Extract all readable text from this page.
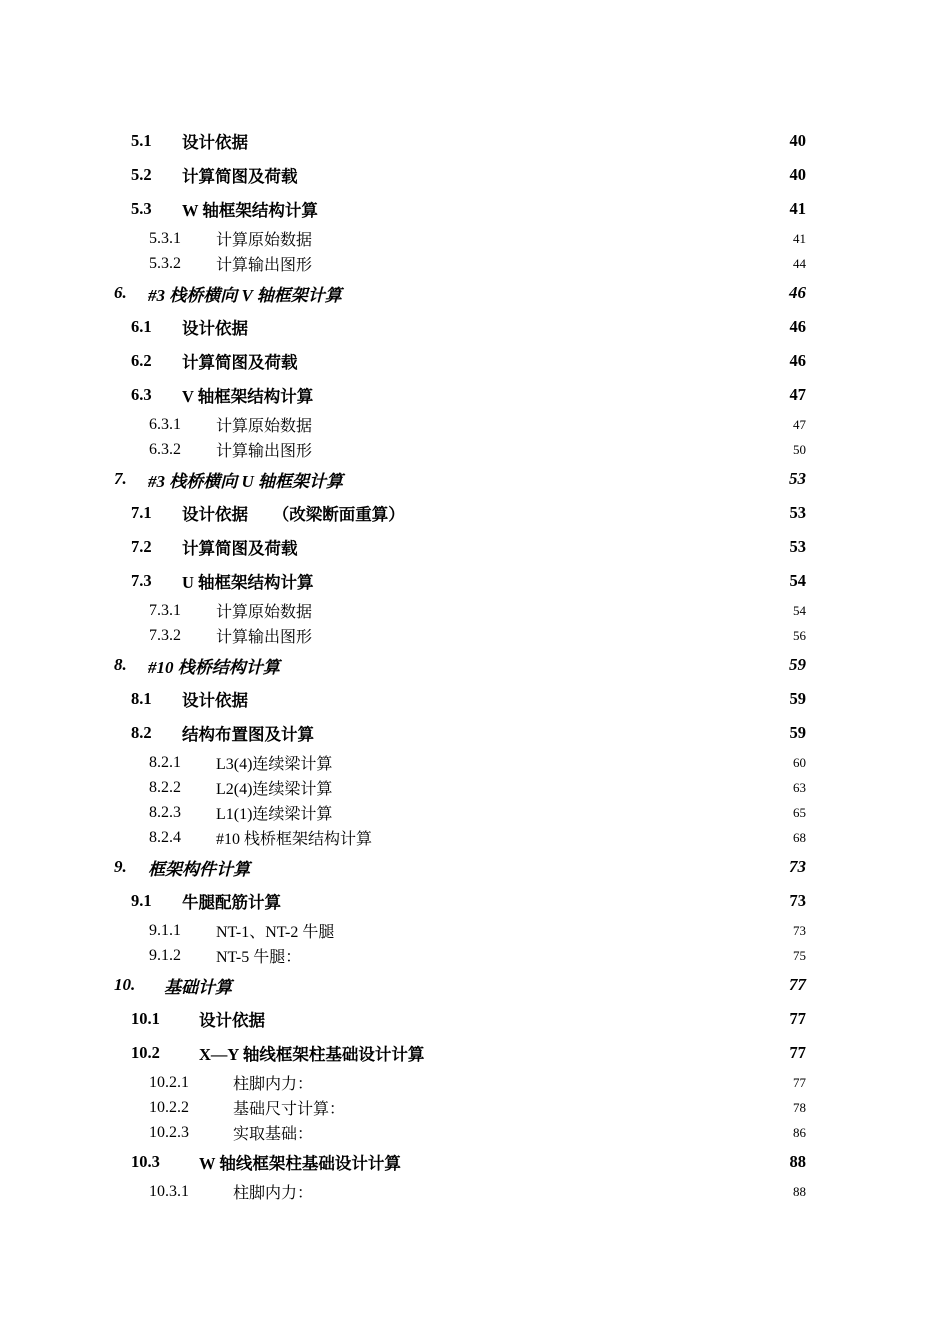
5.1	设计依据	40
5.2	计算简图及荷载	40
5.3	W 轴框架结构计算	41
5.3.1	计算原始数据	41
5.3.2	计算输出图形	44
6.	#3 栈桥横向 V 轴框架计算	46
6.1	设计依据	46
6.2	计算简图及荷载	46
6.3	V 轴框架结构计算	47
6.3.1	计算原始数据	47
6.3.2	计算输出图形	50
7.	#3 栈桥横向 U 轴框架计算	53
7.1	设计依据　　（改梁断面重算）	53
7.2	计算简图及荷载	53
7.3	U 轴框架结构计算	54
7.3.1	计算原始数据	54
7.3.2	计算输出图形	56
8.	#10 栈桥结构计算	59
8.1	设计依据	59
8.2	结构布置图及计算	59
8.2.1	L3(4)连续梁计算	60
8.2.2	L2(4)连续梁计算	63
8.2.3	L1(1)连续梁计算	65
8.2.4	#10 栈桥框架结构计算	68
9.	框架构件计算	73
9.1	牛腿配筋计算	73
9.1.1	NT-1、NT-2 牛腿	73
9.1.2	NT-5 牛腿：	75
10.	基础计算	77
10.1	设计依据	77
10.2	X—Y 轴线框架柱基础设计计算	77
10.2.1	柱脚内力：	77
10.2.2	基础尺寸计算：	78
10.2.3	实取基础：	86
10.3	W 轴线框架柱基础设计计算	88
10.3.1	柱脚内力：	88
